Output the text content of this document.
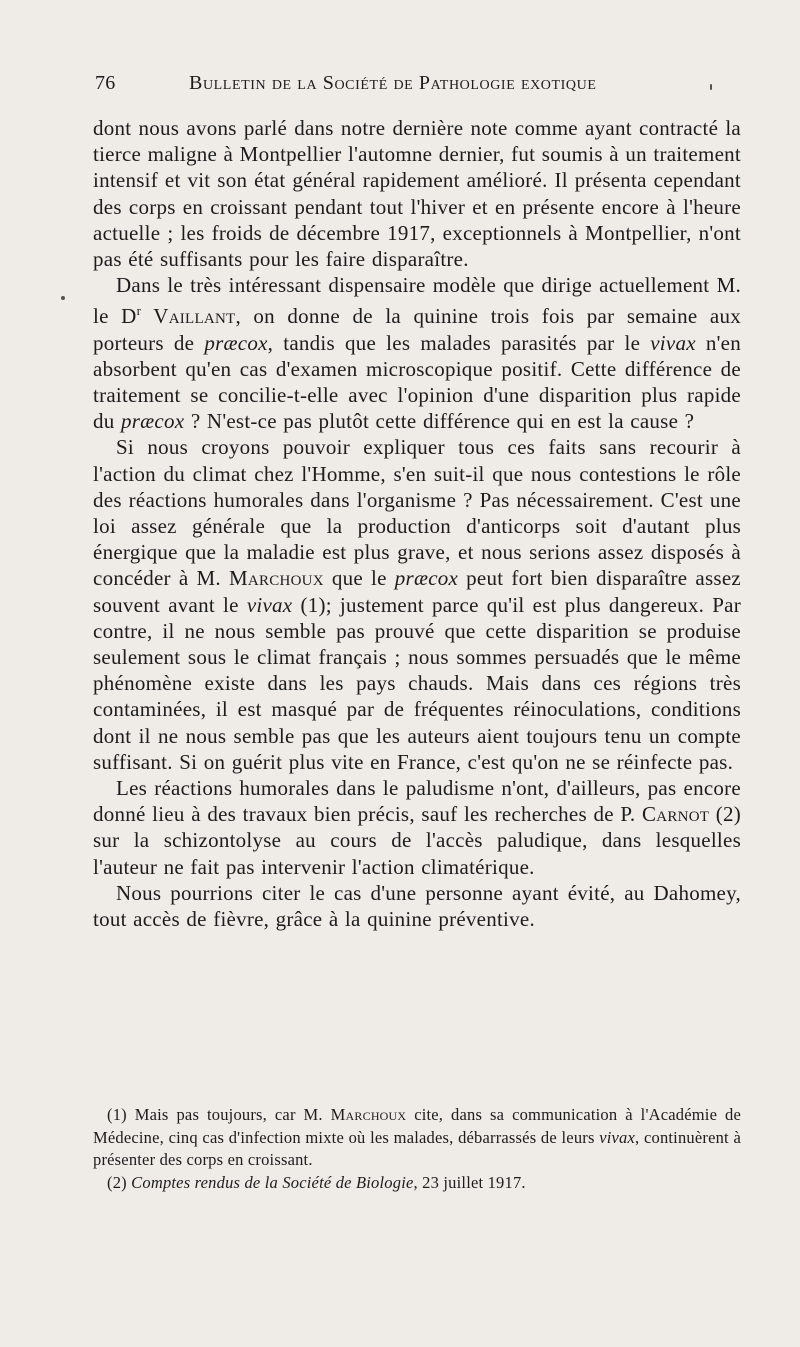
76	Bulletin de la Société de Pathologie exotique

dont nous avons parlé dans notre dernière note comme ayant contracté la tierce maligne à Montpellier l'automne dernier, fut soumis à un traitement intensif et vit son état général rapidement amélioré. Il présenta cependant des corps en croissant pendant tout l'hiver et en présente encore à l'heure actuelle ; les froids de décembre 1917, exceptionnels à Montpellier, n'ont pas été suffisants pour les faire disparaître.

Dans le très intéressant dispensaire modèle que dirige actuellement M. le $D^r$ Vaillant, on donne de la quinine trois fois par semaine aux porteurs de præcox, tandis que les malades parasités par le vivax n'en absorbent qu'en cas d'examen microscopique positif. Cette différence de traitement se concilie-t-elle avec l'opinion d'une disparition plus rapide du præcox ? N'est-ce pas plutôt cette différence qui en est la cause ?

Si nous croyons pouvoir expliquer tous ces faits sans recourir à l'action du climat chez l'Homme, s'en suit-il que nous contestions le rôle des réactions humorales dans l'organisme ? Pas nécessairement. C'est une loi assez générale que la production d'anticorps soit d'autant plus énergique que la maladie est plus grave, et nous serions assez disposés à concéder à M. Marchoux que le præcox peut fort bien disparaître assez souvent avant le vivax (1); justement parce qu'il est plus dangereux. Par contre, il ne nous semble pas prouvé que cette disparition se produise seulement sous le climat français ; nous sommes persuadés que le même phénomène existe dans les pays chauds. Mais dans ces régions très contaminées, il est masqué par de fréquentes réinoculations, conditions dont il ne nous semble pas que les auteurs aient toujours tenu un compte suffisant. Si on guérit plus vite en France, c'est qu'on ne se réinfecte pas.

Les réactions humorales dans le paludisme n'ont, d'ailleurs, pas encore donné lieu à des travaux bien précis, sauf les recherches de P. Carnot (2) sur la schizontolyse au cours de l'accès paludique, dans lesquelles l'auteur ne fait pas intervenir l'action climatérique.

Nous pourrions citer le cas d'une personne ayant évité, au Dahomey, tout accès de fièvre, grâce à la quinine préventive.

(1) Mais pas toujours, car M. Marchoux cite, dans sa communication à l'Académie de Médecine, cinq cas d'infection mixte où les malades, débarrassés de leurs vivax, continuèrent à présenter des corps en croissant.

(2) Comptes rendus de la Société de Biologie, 23 juillet 1917.
